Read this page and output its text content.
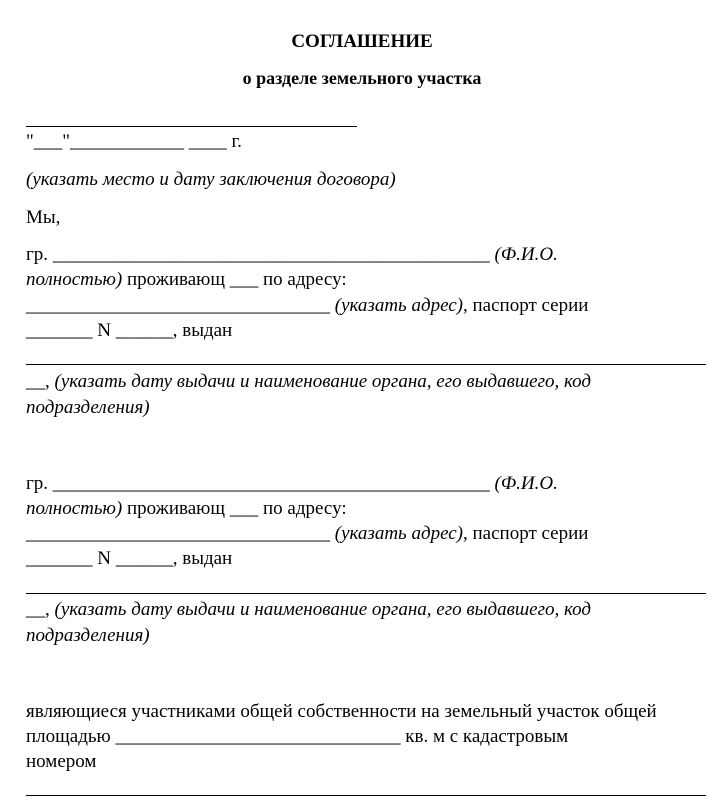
СОГЛАШЕНИЕ
о разделе земельного участка
"___"____________ ____ г.
(указать место и дату заключения договора)
Мы,
гр. ______________________________________________ (Ф.И.О.
полностью) проживающ ___ по адресу:
________________________________ (указать адрес), паспорт серии
_______ N ______, выдан
__, (указать дату выдачи и наименование органа, его выдавшего, код
подразделения)
гр. ______________________________________________ (Ф.И.О.
полностью) проживающ ___ по адресу:
________________________________ (указать адрес), паспорт серии
_______ N ______, выдан
__, (указать дату выдачи и наименование органа, его выдавшего, код
подразделения)
являющиеся участниками общей собственности на земельный участок общей
площадью ______________________________ кв. м с кадастровым
номером
